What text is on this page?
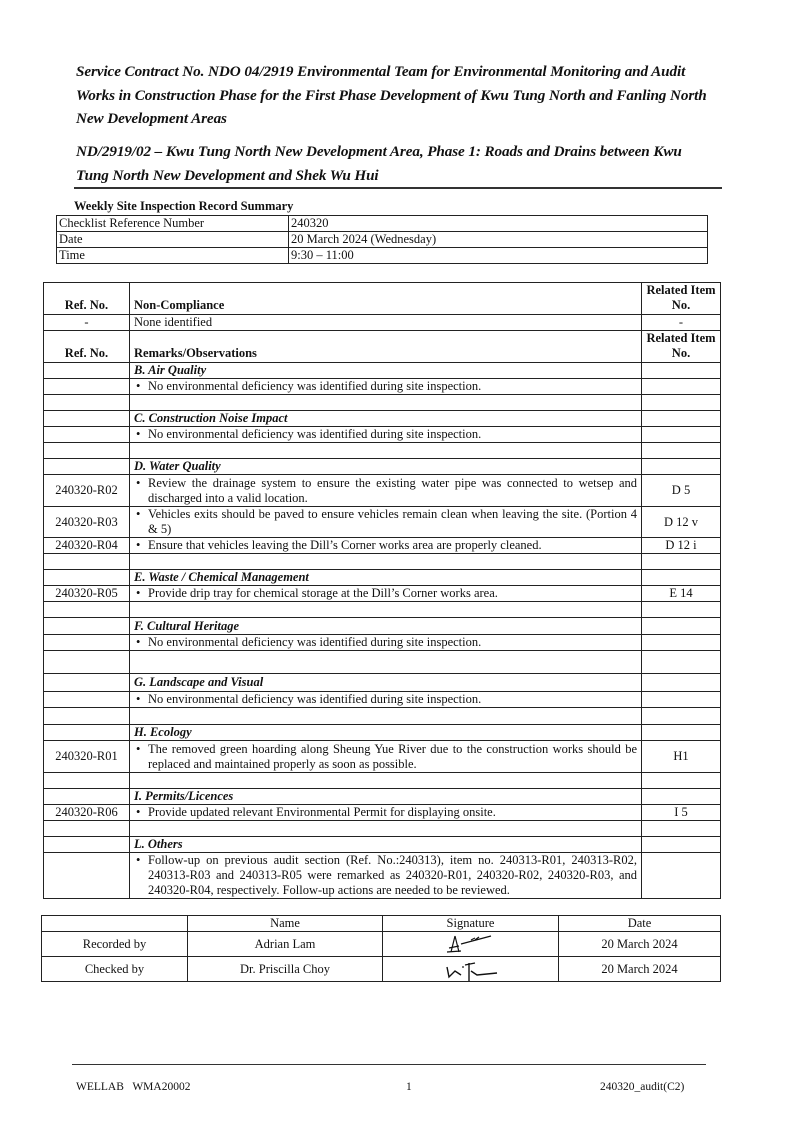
Service Contract No. NDO 04/2919 Environmental Team for Environmental Monitoring and Audit Works in Construction Phase for the First Phase Development of Kwu Tung North and Fanling North New Development Areas
ND/2919/02 – Kwu Tung North New Development Area, Phase 1: Roads and Drains between Kwu Tung North New Development and Shek Wu Hui
Weekly Site Inspection Record Summary
Checklist Reference Number	240320
Date	20 March 2024 (Wednesday)
Time	9:30 – 11:00
Ref. No.	Non-Compliance	Related Item No.
-	None identified	-
Ref. No.	Remarks/Observations	Related Item No.
	B. Air Quality	

	• No environmental deficiency was identified during site inspection.	

	C. Construction Noise Impact	

	• No environmental deficiency was identified during site inspection.	

	D. Water Quality	
240320-R02	• Review the drainage system to ensure the existing water pipe was connected to wetsep and discharged into a valid location.	D 5
240320-R03	• Vehicles exits should be paved to ensure vehicles remain clean when leaving the site. (Portion 4 & 5)	D 12 v
240320-R04	• Ensure that vehicles leaving the Dill’s Corner works area are properly cleaned.	D 12 i

	E. Waste / Chemical Management	
240320-R05	• Provide drip tray for chemical storage at the Dill’s Corner works area.	E 14

	F. Cultural Heritage	

	• No environmental deficiency was identified during site inspection.	

	G. Landscape and Visual	

	• No environmental deficiency was identified during site inspection.	

	H. Ecology	
240320-R01	• The removed green hoarding along Sheung Yue River due to the construction works should be replaced and maintained properly as soon as possible.	H1

	I. Permits/Licences	
240320-R06	• Provide updated relevant Environmental Permit for displaying onsite.	I 5

	L. Others	

	• Follow-up on previous audit section (Ref. No.:240313), item no. 240313-R01, 240313-R02, 240313-R03 and 240313-R05 were remarked as 240320-R01, 240320-R02, 240320-R03, and 240320-R04, respectively. Follow-up actions are needed to be reviewed.	

	Name	Signature	Date
Recorded by	Adrian Lam		20 March 2024
Checked by	Dr. Priscilla Choy		20 March 2024
WELLAB   WMA20002	1	240320_audit(C2)
